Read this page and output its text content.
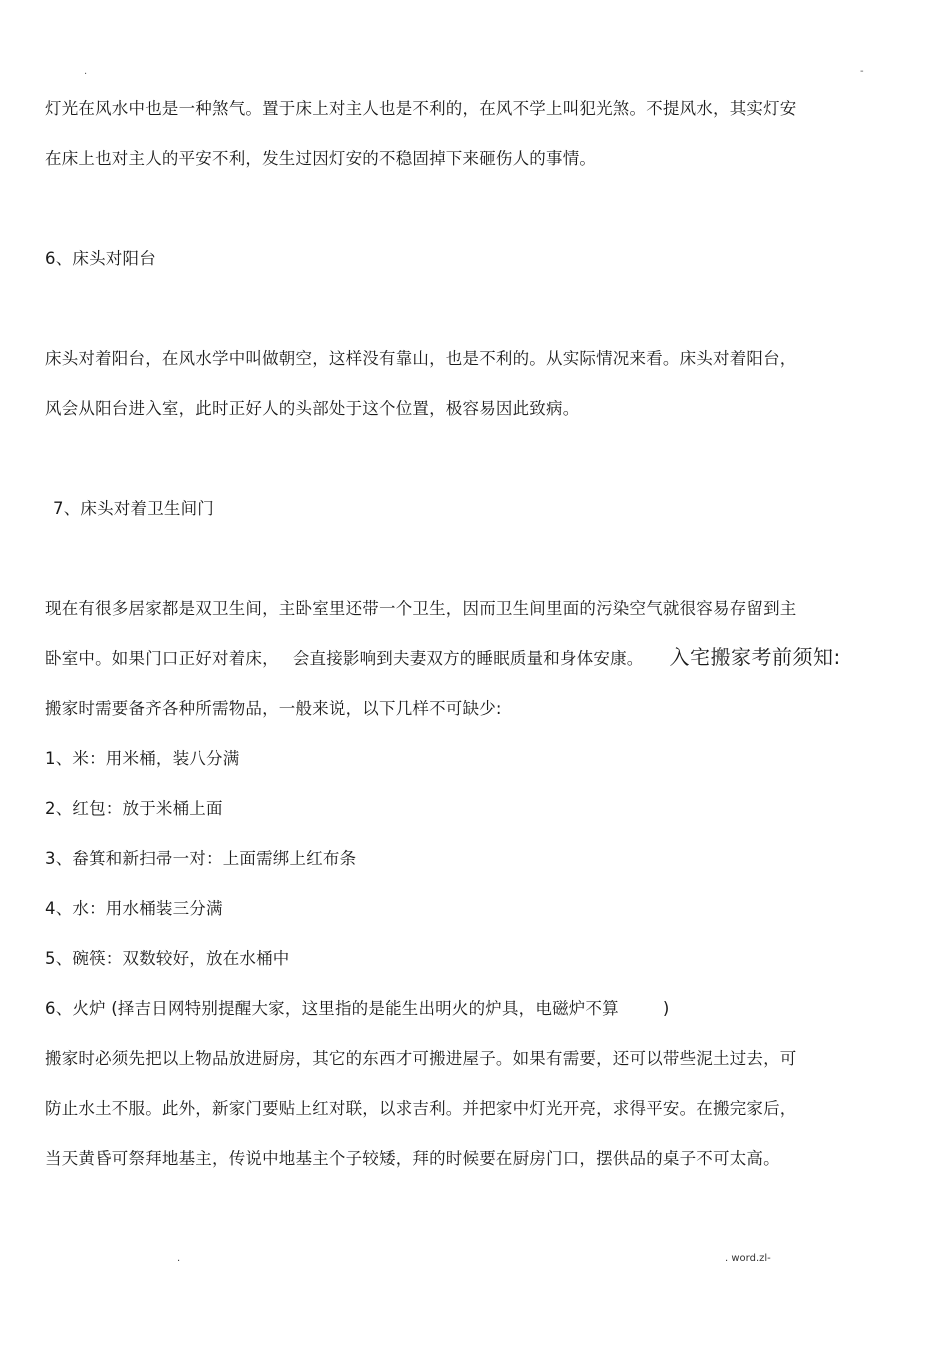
.	-
灯光在风水中也是一种煞气。置于床上对主人也是不利的，在风不学上叫犯光煞。不提风水，其实灯安
在床上也对主人的平安不利，发生过因灯安的不稳固掉下来砸伤人的事情。
6、床头对阳台
床头对着阳台，在风水学中叫做朝空，这样没有靠山，也是不利的。从实际情况来看。床头对着阳台，
风会从阳台进入室，此时正好人的头部处于这个位置，极容易因此致病。
7、床头对着卫生间门
现在有很多居家都是双卫生间，主卧室里还带一个卫生，因而卫生间里面的污染空气就很容易存留到主
卧室中。如果门口正好对着床， 会直接影响到夫妻双方的睡眠质量和身体安康。 入宅搬家考前须知:
搬家时需要备齐各种所需物品，一般来说，以下几样不可缺少:
1、米：用米桶，装八分满
2、红包：放于米桶上面
3、畚箕和新扫帚一对：上面需绑上红布条
4、水：用水桶装三分满
5、碗筷：双数较好，放在水桶中
6、火炉 (择吉日网特别提醒大家，这里指的是能生出明火的炉具，电磁炉不算	)
搬家时必须先把以上物品放进厨房，其它的东西才可搬进屋子。如果有需要，还可以带些泥土过去，可
防止水土不服。此外，新家门要贴上红对联，以求吉利。并把家中灯光开亮，求得平安。在搬完家后，
当天黄昏可祭拜地基主，传说中地基主个子较矮，拜的时候要在厨房门口，摆供品的桌子不可太高。
.	. word.zl-
